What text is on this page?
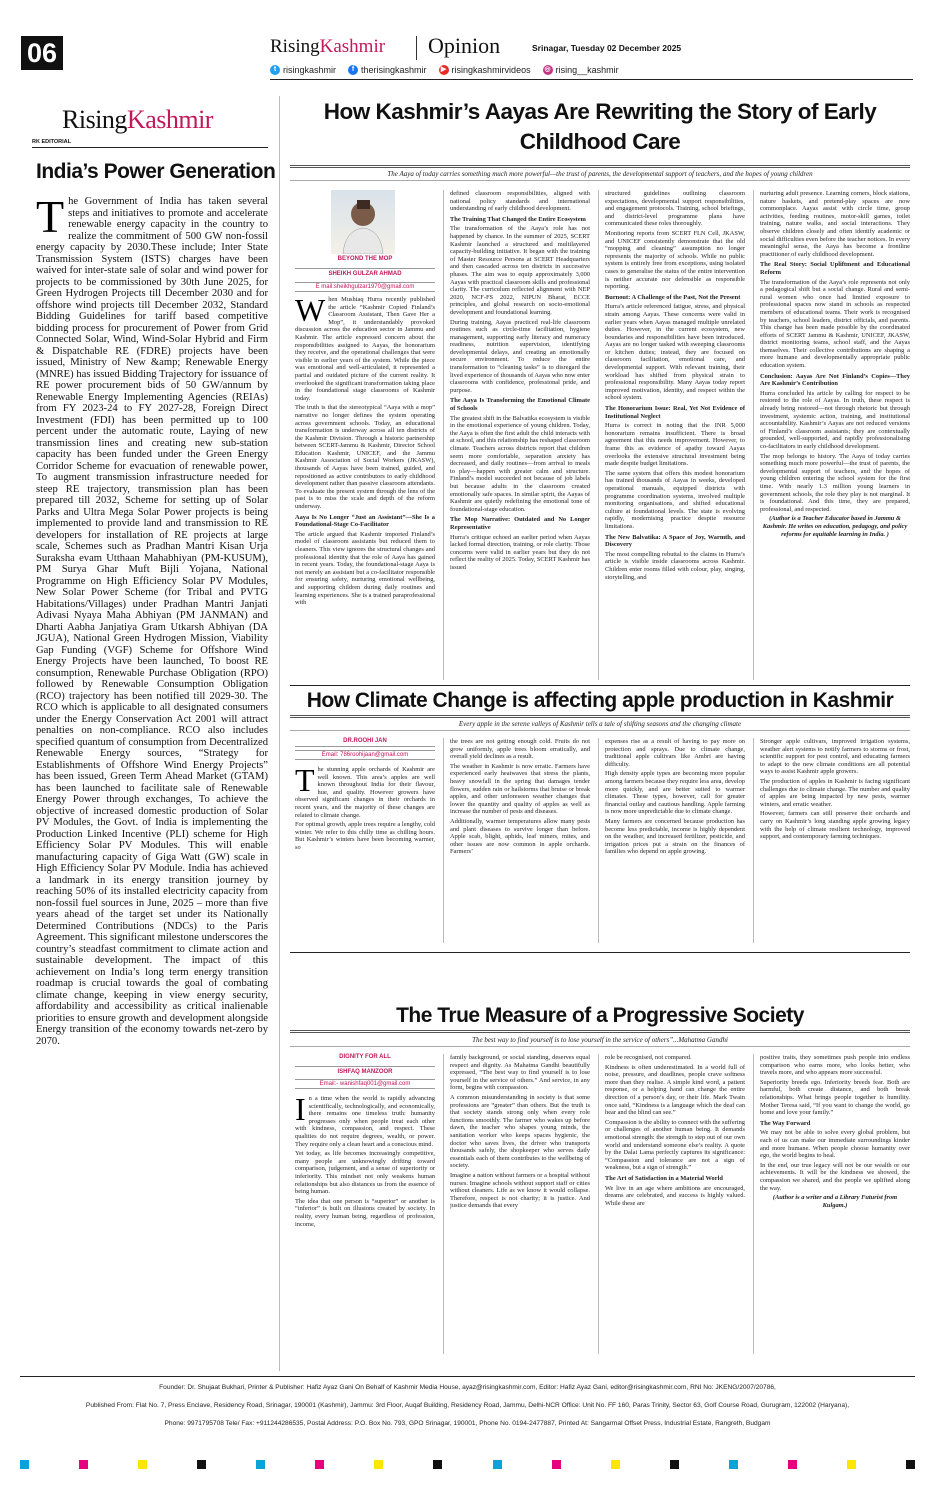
06	RisingKashmir Opinion	Srinagar, Tuesday 02 December 2025
t risingkashmir	f therisingkashmir	▶ risingkashmirvideos ◎ rising__kashmir
RisingKashmir
RK EDITORIAL
India’s Power Generation
The Government of India has taken several steps and initiatives to promote and accelerate renewable energy capacity in the country to realize the commitment of 500 GW non-fossil energy capacity by 2030.These include; Inter State Transmission System (ISTS) charges have been waived for inter-state sale of solar and wind power for projects to be commissioned by 30th June 2025, for Green Hydrogen Projects till December 2030 and for offshore wind projects till December 2032, Standard Bidding Guidelines for tariff based competitive bidding process for procurement of Power from Grid Connected Solar, Wind, Wind-Solar Hybrid and Firm & Dispatchable RE (FDRE) projects have been issued, Ministry of New &amp; Renewable Energy (MNRE) has issued Bidding Trajectory for issuance of RE power procurement bids of 50 GW/annum by Renewable Energy Implementing Agencies (REIAs) from FY 2023-24 to FY 2027-28, Foreign Direct Investment (FDI) has been permitted up to 100 percent under the automatic route, Laying of new transmission lines and creating new sub-station capacity has been funded under the Green Energy Corridor Scheme for evacuation of renewable power, To augment transmission infrastructure needed for steep RE trajectory, transmission plan has been prepared till 2032, Scheme for setting up of Solar Parks and Ultra Mega Solar Power projects is being implemented to provide land and transmission to RE developers for installation of RE projects at large scale, Schemes such as Pradhan Mantri Kisan Urja Suraksha evam Utthaan Mahabhiyan (PM-KUSUM), PM Surya Ghar Muft Bijli Yojana, National Programme on High Efficiency Solar PV Modules, New Solar Power Scheme (for Tribal and PVTG Habitations/Villages) under Pradhan Mantri Janjati Adivasi Nyaya Maha Abhiyan (PM JANMAN) and Dharti Aabha Janjatiya Gram Utkarsh Abhiyan (DA JGUA), National Green Hydrogen Mission, Viability Gap Funding (VGF) Scheme for Offshore Wind Energy Projects have been launched, To boost RE consumption, Renewable Purchase Obligation (RPO) followed by Renewable Consumption Obligation (RCO) trajectory has been notified till 2029-30. The RCO which is applicable to all designated consumers under the Energy Conservation Act 2001 will attract penalties on non-compliance. RCO also includes specified quantum of consumption from Decentralized Renewable Energy sources, “Strategy for Establishments of Offshore Wind Energy Projects” has been issued, Green Term Ahead Market (GTAM) has been launched to facilitate sale of Renewable Energy Power through exchanges, To achieve the objective of increased domestic production of Solar PV Modules, the Govt. of India is implementing the Production Linked Incentive (PLI) scheme for High Efficiency Solar PV Modules. This will enable manufacturing capacity of Giga Watt (GW) scale in High Efficiency Solar PV Module. India has achieved a landmark in its energy transition journey by reaching 50% of its installed electricity capacity from non-fossil fuel sources in June, 2025 – more than five years ahead of the target set under its Nationally Determined Contributions (NDCs) to the Paris Agreement. This significant milestone underscores the country’s steadfast commitment to climate action and sustainable development. The impact of this achievement on India’s long term energy transition roadmap is crucial towards the goal of combating climate change, keeping in view energy security, affordability and accessibility as critical inalienable priorities to ensure growth and development alongside Energy transition of the economy towards net-zero by 2070.
How Kashmir’s Aayas Are Rewriting the Story of Early Childhood Care
The Aaya of today carries something much more powerful—the trust of parents, the developmental support of teachers, and the hopes of young children
BEYOND THE MOP
SHEIKH GULZAR AHMAD
E mail:sheikhgulzar1970@gmail.com
W hen Mushtaq Hurra recently published the article “Kashmir Copied Finland’s Classroom Assistant, Then Gave Her a Mop”, it understandably provoked discussion across the education sector in Jammu and Kashmir. The article expressed concern about the responsibilities assigned to Aayas, the honorarium they receive, and the operational challenges that were visible in earlier years of the system. While the piece was emotional and well-articulated, it represented a partial and outdated picture of the current reality. It overlooked the significant transformation taking place in the foundational stage classrooms of Kashmir today.

The truth is that the stereotypical “Aaya with a mop” narrative no longer defines the system operating across government schools. Today, an educational transformation is underway across all ten districts of the Kashmir Division. Through a historic partnership between SCERT-Jammu & Kashmir, Director School Education Kashmir, UNICEF, and the Jammu Kashmir Association of Social Workers (JKASW), thousands of Aayas have been trained, guided, and repositioned as active contributors to early childhood development rather than passive classroom attendants. To evaluate the present system through the lens of the past is to miss the scale and depth of the reform underway.

Aaya Is No Longer “Just an Assistant”—She Is a Foundational-Stage Co-Facilitator

The article argued that Kashmir imported Finland’s model of classroom assistants but reduced them to cleaners. This view ignores the structural changes and professional identity that the role of Aaya has gained in recent years. Today, the foundational-stage Aaya is not merely an assistant but a co-facilitator responsible for ensuring safety, nurturing emotional wellbeing, and supporting children during daily routines and learning experiences. She is a trained paraprofessional with

defined classroom responsibilities, aligned with national policy standards and international understanding of early childhood development.

The Training That Changed the Entire Ecosystem

The transformation of the Aaya’s role has not happened by chance. In the summer of 2025, SCERT Kashmir launched a structured and multilayered capacity-building initiative. It began with the training of Master Resource Persons at SCERT Headquarters and then cascaded across ten districts in successive phases. The aim was to equip approximately 3,000 Aayas with practical classroom skills and professional clarity. The curriculum reflected alignment with NEP 2020, NCF-FS 2022, NIPUN Bharat, ECCE principles, and global research on socio-emotional development and foundational learning.

During training, Aayas practiced real-life classroom routines such as circle-time facilitation, hygiene management, supporting early literacy and numeracy readiness, nutrition supervision, identifying developmental delays, and creating an emotionally secure environment. To reduce the entire transformation to “cleaning tasks” is to disregard the lived experience of thousands of Aayas who now enter classrooms with confidence, professional pride, and purpose.

The Aaya Is Transforming the Emotional Climate of Schools

The greatest shift in the Balvatika ecosystem is visible in the emotional experience of young children. Today, the Aaya is often the first adult the child interacts with at school, and this relationship has reshaped classroom climate. Teachers across districts report that children seem more comfortable, separation anxiety has decreased, and daily routines—from arrival to meals to play—happen with greater calm and structure. Finland’s model succeeded not because of job labels but because adults in the classroom created emotionally safe spaces. In similar spirit, the Aayas of Kashmir are quietly redefining the emotional tone of foundational-stage education.

The Mop Narrative: Outdated and No Longer Representative

Hurra’s critique echoed an earlier period when Aayas lacked formal direction, training, or role clarity. Those concerns were valid in earlier years but they do not reflect the reality of 2025. Today, SCERT Kashmir has issued

structured guidelines outlining classroom expectations, developmental support responsibilities, and engagement protocols. Training, school briefings, and district-level programme plans have communicated these roles thoroughly.

Monitoring reports from SCERT FLN Cell, JKASW, and UNICEF consistently demonstrate that the old “mopping and cleaning” assumption no longer represents the majority of schools. While no public system is entirely free from exceptions, using isolated cases to generalise the status of the entire intervention is neither accurate nor defensible as responsible reporting.

Burnout: A Challenge of the Past, Not the Present

Hurra’s article referenced fatigue, stress, and physical strain among Aayas. These concerns were valid in earlier years when Aayas managed multiple unrelated duties. However, in the current ecosystem, new boundaries and responsibilities have been introduced. Aayas are no longer tasked with sweeping classrooms or kitchen duties; instead, they are focused on classroom facilitation, emotional care, and developmental support. With relevant training, their workload has shifted from physical strain to professional responsibility. Many Aayas today report improved motivation, identity, and respect within the school system.

The Honorarium Issue: Real, Yet Not Evidence of Institutional Neglect

Hurra is correct in noting that the INR 5,000 honorarium remains insufficient. There is broad agreement that this needs improvement. However, to frame this as evidence of apathy toward Aayas overlooks the extensive structural investment being made despite budget limitations.

The same system that offers this modest honorarium has trained thousands of Aayas in weeks, developed operational manuals, equipped districts with programme coordination systems, involved multiple monitoring organisations, and shifted educational culture at foundational levels. The state is evolving rapidly, modernising practice despite resource limitations.

The New Balvatika: A Space of Joy, Warmth, and Discovery

The most compelling rebuttal to the claims in Hurra’s article is visible inside classrooms across Kashmir. Children enter rooms filled with colour, play, singing, storytelling, and

nurturing adult presence. Learning corners, block stations, nature baskets, and pretend-play spaces are now commonplace. Aayas assist with circle time, group activities, feeding routines, motor-skill games, toilet training, nature walks, and social interactions. They observe children closely and often identify academic or social difficulties even before the teacher notices. In every meaningful sense, the Aaya has become a frontline practitioner of early childhood development.

The Real Story: Social Upliftment and Educational Reform

The transformation of the Aaya’s role represents not only a pedagogical shift but a social change. Rural and semi-rural women who once had limited exposure to professional spaces now stand in schools as respected members of educational teams. Their work is recognised by teachers, school leaders, district officials, and parents. This change has been made possible by the coordinated efforts of SCERT Jammu & Kashmir, UNICEF, JKASW, district monitoring teams, school staff, and the Aayas themselves. Their collective contributions are shaping a more humane and developmentally appropriate public education system.

Conclusion: Aayas Are Not Finland’s Copies—They Are Kashmir’s Contribution

Hurra concluded his article by calling for respect to be restored to the role of Aayas. In truth, these respect is already being restored—not through rhetoric but through investment, systemic action, training, and institutional accountability. Kashmir’s Aayas are not reduced versions of Finland’s classroom assistants; they are contextually grounded, well-supported, and rapidly professionalising co-facilitators in early childhood development.

The mop belongs to history. The Aaya of today carries something much more powerful—the trust of parents, the developmental support of teachers, and the hopes of young children entering the school system for the first time. With nearly 1.3 million young learners in government schools, the role they play is not marginal. It is foundational. And this time, they are prepared, professional, and respected.

(Author is a Teacher Educator based in Jammu & Kashmir. He writes on education, pedagogy, and policy reforms for equitable learning in India. )

How Climate Change is affecting apple production in Kashmir
Every apple in the serene valleys of Kashmir tells a tale of shifting seasons and the changing climate
DR.ROOHI JAN
Email: 786roohijaan@gmail.com
T he stunning apple orchards of Kashmir are well known. This area’s apples are well known throughout India for their flavour, hue, and quality. However growers have observed significant changes in their orchards in recent years, and the majority of these changes are related to climate change.

For optimal growth, apple trees require a lengthy, cold winter. We refer to this chilly time as chilling hours. But Kashmir’s winters have been becoming warmer, so

the trees are not getting enough cold. Fruits do not grow uniformly, apple trees bloom erratically, and overall yield declines as a result.

The weather in Kashmir is now erratic. Farmers have experienced early heatwaves that stress the plants, heavy snowfall in the spring that damages tender flowers, sudden rain or hailstorms that bruise or break apples, and other unforeseen weather changes that lower the quantity and quality of apples as well as increase the number of pests and diseases.

Additionally, warmer temperatures allow many pests and plant diseases to survive longer than before. Apple scab, blight, aphids, leaf miners, mites, and other issues are now common in apple orchards. Farmers’

expenses rise as a result of having to pay more on protection and sprays. Due to climate change, traditional apple cultivars like Ambri are having difficulty.

High density apple types are becoming more popular among farmers because they require less area, develop more quickly, and are better suited to warmer climates. These types, however, call for greater financial outlay and cautious handling. Apple farming is now more unpredictable due to climate change.

Many farmers are concerned because production has become less predictable, income is highly dependent on the weather, and increased fertilizer, pesticide, and irrigation prices put a strain on the finances of families who depend on apple growing.

Stronger apple cultivars, improved irrigation systems, weather alert systems to notify farmers to storms or frost, scientific support for pest control, and educating farmers to adapt to the new climate conditions are all potential ways to assist Kashmir apple growers.

The production of apples in Kashmir is facing significant challenges due to climate change. The number and quality of apples are being impacted by new pests, warmer winters, and erratic weather.

However, farmers can still preserve their orchards and carry on Kashmir’s long standing apple growing legacy with the help of climate resilient technology, improved support, and contemporary farming techniques.

The True Measure of a Progressive Society
The best way to find yourself is to lose yourself in the service of others”...Mahatma Gandhi
DIGNITY FOR ALL
ISHFAQ MANZOOR
Email:- wanishfaq001@gmail.com
I n a time when the world is rapidly advancing scientifically, technologically, and economically, there remains one timeless truth: humanity progresses only when people treat each other with kindness, compassion, and respect. These qualities do not require degrees, wealth, or power. They require only a clean heart and a conscious mind.

Yet today, as life becomes increasingly competitive, many people are unknowingly drifting toward comparison, judgement, and a sense of superiority or inferiority. This mindset not only weakens human relationships but also distances us from the essence of being human.

The idea that one person is “superior” or another is “inferior” is built on illusions created by society. In reality, every human being, regardless of profession, income,

family background, or social standing, deserves equal respect and dignity. As Mahatma Gandhi beautifully expressed, “The best way to find yourself is to lose yourself in the service of others.” And service, in any form, begins with compassion.

A common misunderstanding in society is that some professions are “greater” than others. But the truth is that society stands strong only when every role functions smoothly. The farmer who wakes up before dawn, the teacher who shapes young minds, the sanitation worker who keeps spaces hygienic, the doctor who saves lives, the driver who transports thousands safely, the shopkeeper who serves daily essentials each of them contributes to the wellbeing of society.

Imagine a nation without farmers or a hospital without nurses. Imagine schools without support staff or cities without cleaners. Life as we know it would collapse. Therefore, respect is not charity; it is justice. And justice demands that every

role be recognised, not compared.

Kindness is often underestimated. In a world full of noise, pressure, and deadlines, people crave softness more than they realise. A simple kind word, a patient response, or a helping hand can change the entire direction of a person’s day, or their life. Mark Twain once said, “Kindness is a language which the deaf can hear and the blind can see.”

Compassion is the ability to connect with the suffering or challenges of another human being. It demands emotional strength: the strength to step out of our own world and understand someone else’s reality. A quote by the Dalai Lama perfectly captures its significance: “Compassion and tolerance are not a sign of weakness, but a sign of strength.”

The Art of Satisfaction in a Material World

We live in an age where ambitions are encouraged, dreams are celebrated, and success is highly valued. While these are

positive traits, they sometimes push people into endless comparison who earns more, who looks better, who travels more, and who appears more successful.

Superiority breeds ego. Inferiority breeds fear. Both are harmful, both create distance, and both break relationships. What brings people together is humility. Mother Teresa said, “If you want to change the world, go home and love your family.”

The Way Forward

We may not be able to solve every global problem, but each of us can make our immediate surroundings kinder and more humane. When people choose humanity over ego, the world begins to heal.

In the end, our true legacy will not be our wealth or our achievements. It will be the kindness we showed, the compassion we shared, and the people we uplifted along the way.

(Author is a writer and a Library Futurist from Kulgam.)

Founder: Dr. Shujaat Bukhari, Printer & Publisher: Hafiz Ayaz Gani On Behalf of Kashmir Media House, ayaz@risingkashmir.com, Editor: Hafiz Ayaz Gani, editor@risingkashmir.com, RNI No: JKENG/2007/20786,
Published From: Flat No. 7, Press Enclave, Residency Road, Srinagar, 190001 (Kashmir), Jammu: 3rd Floor, Auqaf Building, Residency Road, Jammu, Delhi-NCR Office: Unit No. FF 160, Paras Trinity, Sector 63, Golf Course Road, Gurugram, 122002 (Haryana),
Phone: 9971795708 Tele/ Fax: +911244286535, Postal Address: P.O. Box No. 793, GPO Srinagar, 190001, Phone No. 0194-2477887, Printed At: Sangarmal Offset Press, Industrial Estate, Rangreth, Budgam
